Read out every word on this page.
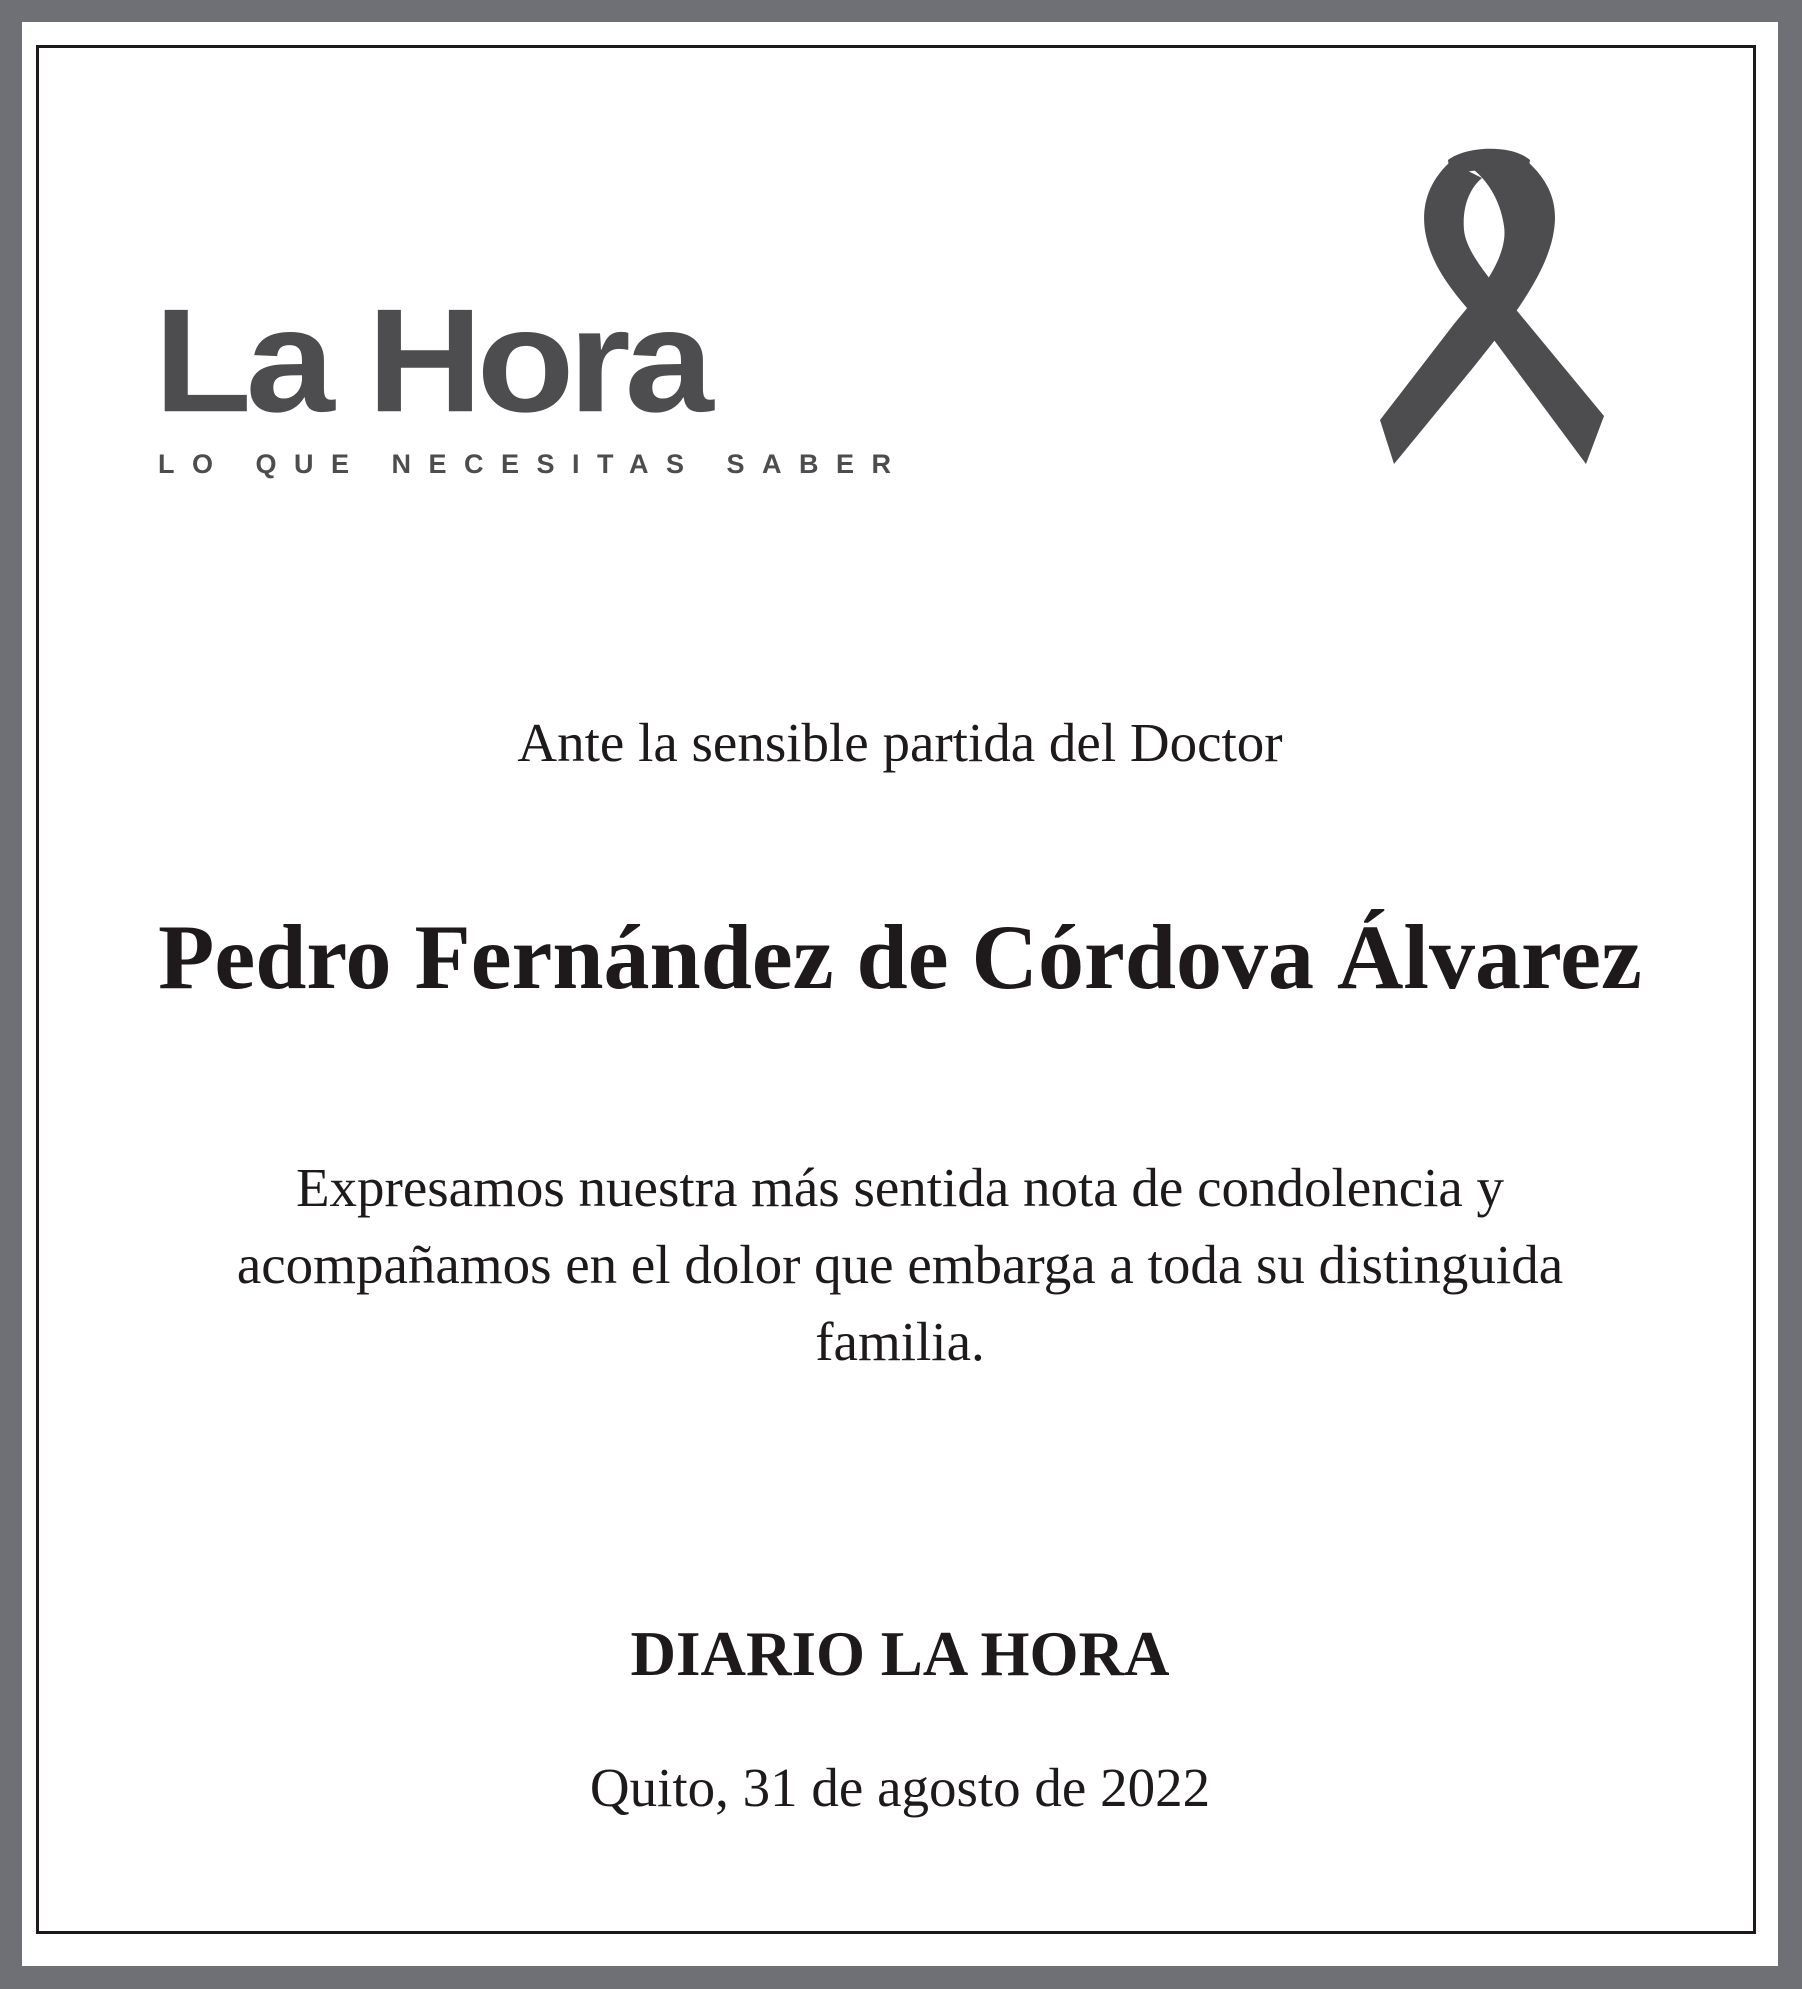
La Hora
LO QUE NECESITAS SABER
Ante la sensible partida del Doctor
Pedro Fernández de Córdova Álvarez
Expresamos nuestra más sentida nota de condolencia y acompañamos en el dolor que embarga a toda su distinguida familia.
DIARIO LA HORA
Quito, 31 de agosto de 2022
